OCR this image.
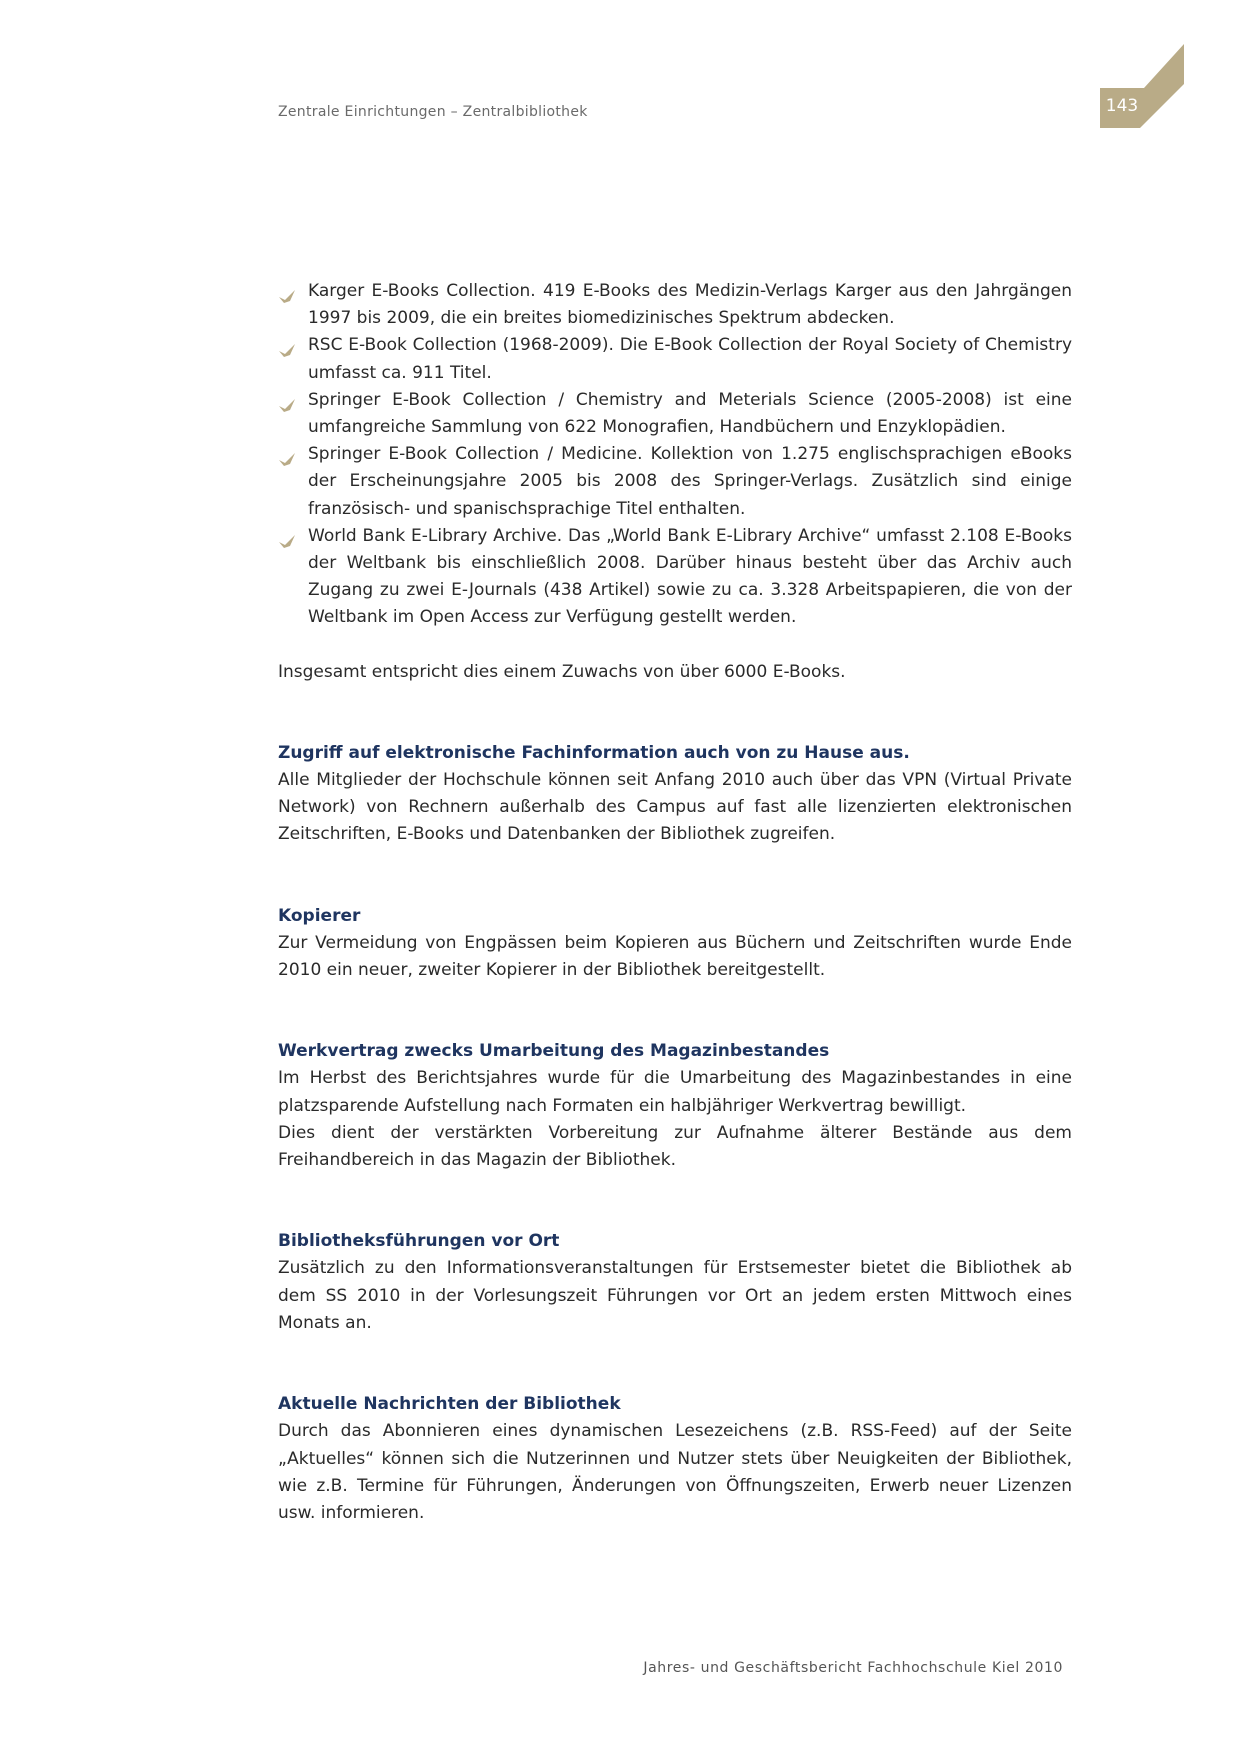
Zentrale Einrichtungen – Zentralbibliothek	143
Karger E-Books Collection. 419 E-Books des Medizin-Verlags Karger aus den Jahrgängen 1997 bis 2009, die ein breites biomedizinisches Spektrum abdecken.
RSC E-Book Collection (1968-2009). Die E-Book Collection der Royal Society of Chemistry umfasst ca. 911 Titel.
Springer E-Book Collection / Chemistry and Meterials Science (2005-2008) ist eine umfangreiche Sammlung von 622 Monografien, Handbüchern und Enzyklopädien.
Springer E-Book Collection / Medicine. Kollektion von 1.275 englischsprachigen eBooks der Erscheinungsjahre 2005 bis 2008 des Springer-Verlags. Zusätzlich sind einige französisch- und spanischsprachige Titel enthalten.
World Bank E-Library Archive. Das „World Bank E-Library Archive“ umfasst 2.108 E-Books der Weltbank bis einschließlich 2008. Darüber hinaus besteht über das Archiv auch Zugang zu zwei E-Journals (438 Artikel) sowie zu ca. 3.328 Arbeitspapieren, die von der Weltbank im Open Access zur Verfügung gestellt werden.

Insgesamt entspricht dies einem Zuwachs von über 6000 E-Books.

Zugriff auf elektronische Fachinformation auch von zu Hause aus.

Alle Mitglieder der Hochschule können seit Anfang 2010 auch über das VPN (Virtual Private Network) von Rechnern außerhalb des Campus auf fast alle lizenzierten elektronischen Zeitschriften, E-Books und Datenbanken der Bibliothek zugreifen.

Kopierer

Zur Vermeidung von Engpässen beim Kopieren aus Büchern und Zeitschriften wurde Ende 2010 ein neuer, zweiter Kopierer in der Bibliothek bereitgestellt.

Werkvertrag zwecks Umarbeitung des Magazinbestandes

Im Herbst des Berichtsjahres wurde für die Umarbeitung des Magazinbestandes in eine platzsparende Aufstellung nach Formaten ein halbjähriger Werkvertrag bewilligt.

Dies dient der verstärkten Vorbereitung zur Aufnahme älterer Bestände aus dem Freihandbereich in das Magazin der Bibliothek.

Bibliotheksführungen vor Ort

Zusätzlich zu den Informationsveranstaltungen für Erstsemester bietet die Bibliothek ab dem SS 2010 in der Vorlesungszeit Führungen vor Ort an jedem ersten Mittwoch eines Monats an.

Aktuelle Nachrichten der Bibliothek

Durch das Abonnieren eines dynamischen Lesezeichens (z.B. RSS-Feed) auf der Seite „Aktuelles“ können sich die Nutzerinnen und Nutzer stets über Neuigkeiten der Bibliothek, wie z.B. Termine für Führungen, Änderungen von Öffnungszeiten, Erwerb neuer Lizenzen usw. informieren.

Jahres- und Geschäftsbericht Fachhochschule Kiel 2010
